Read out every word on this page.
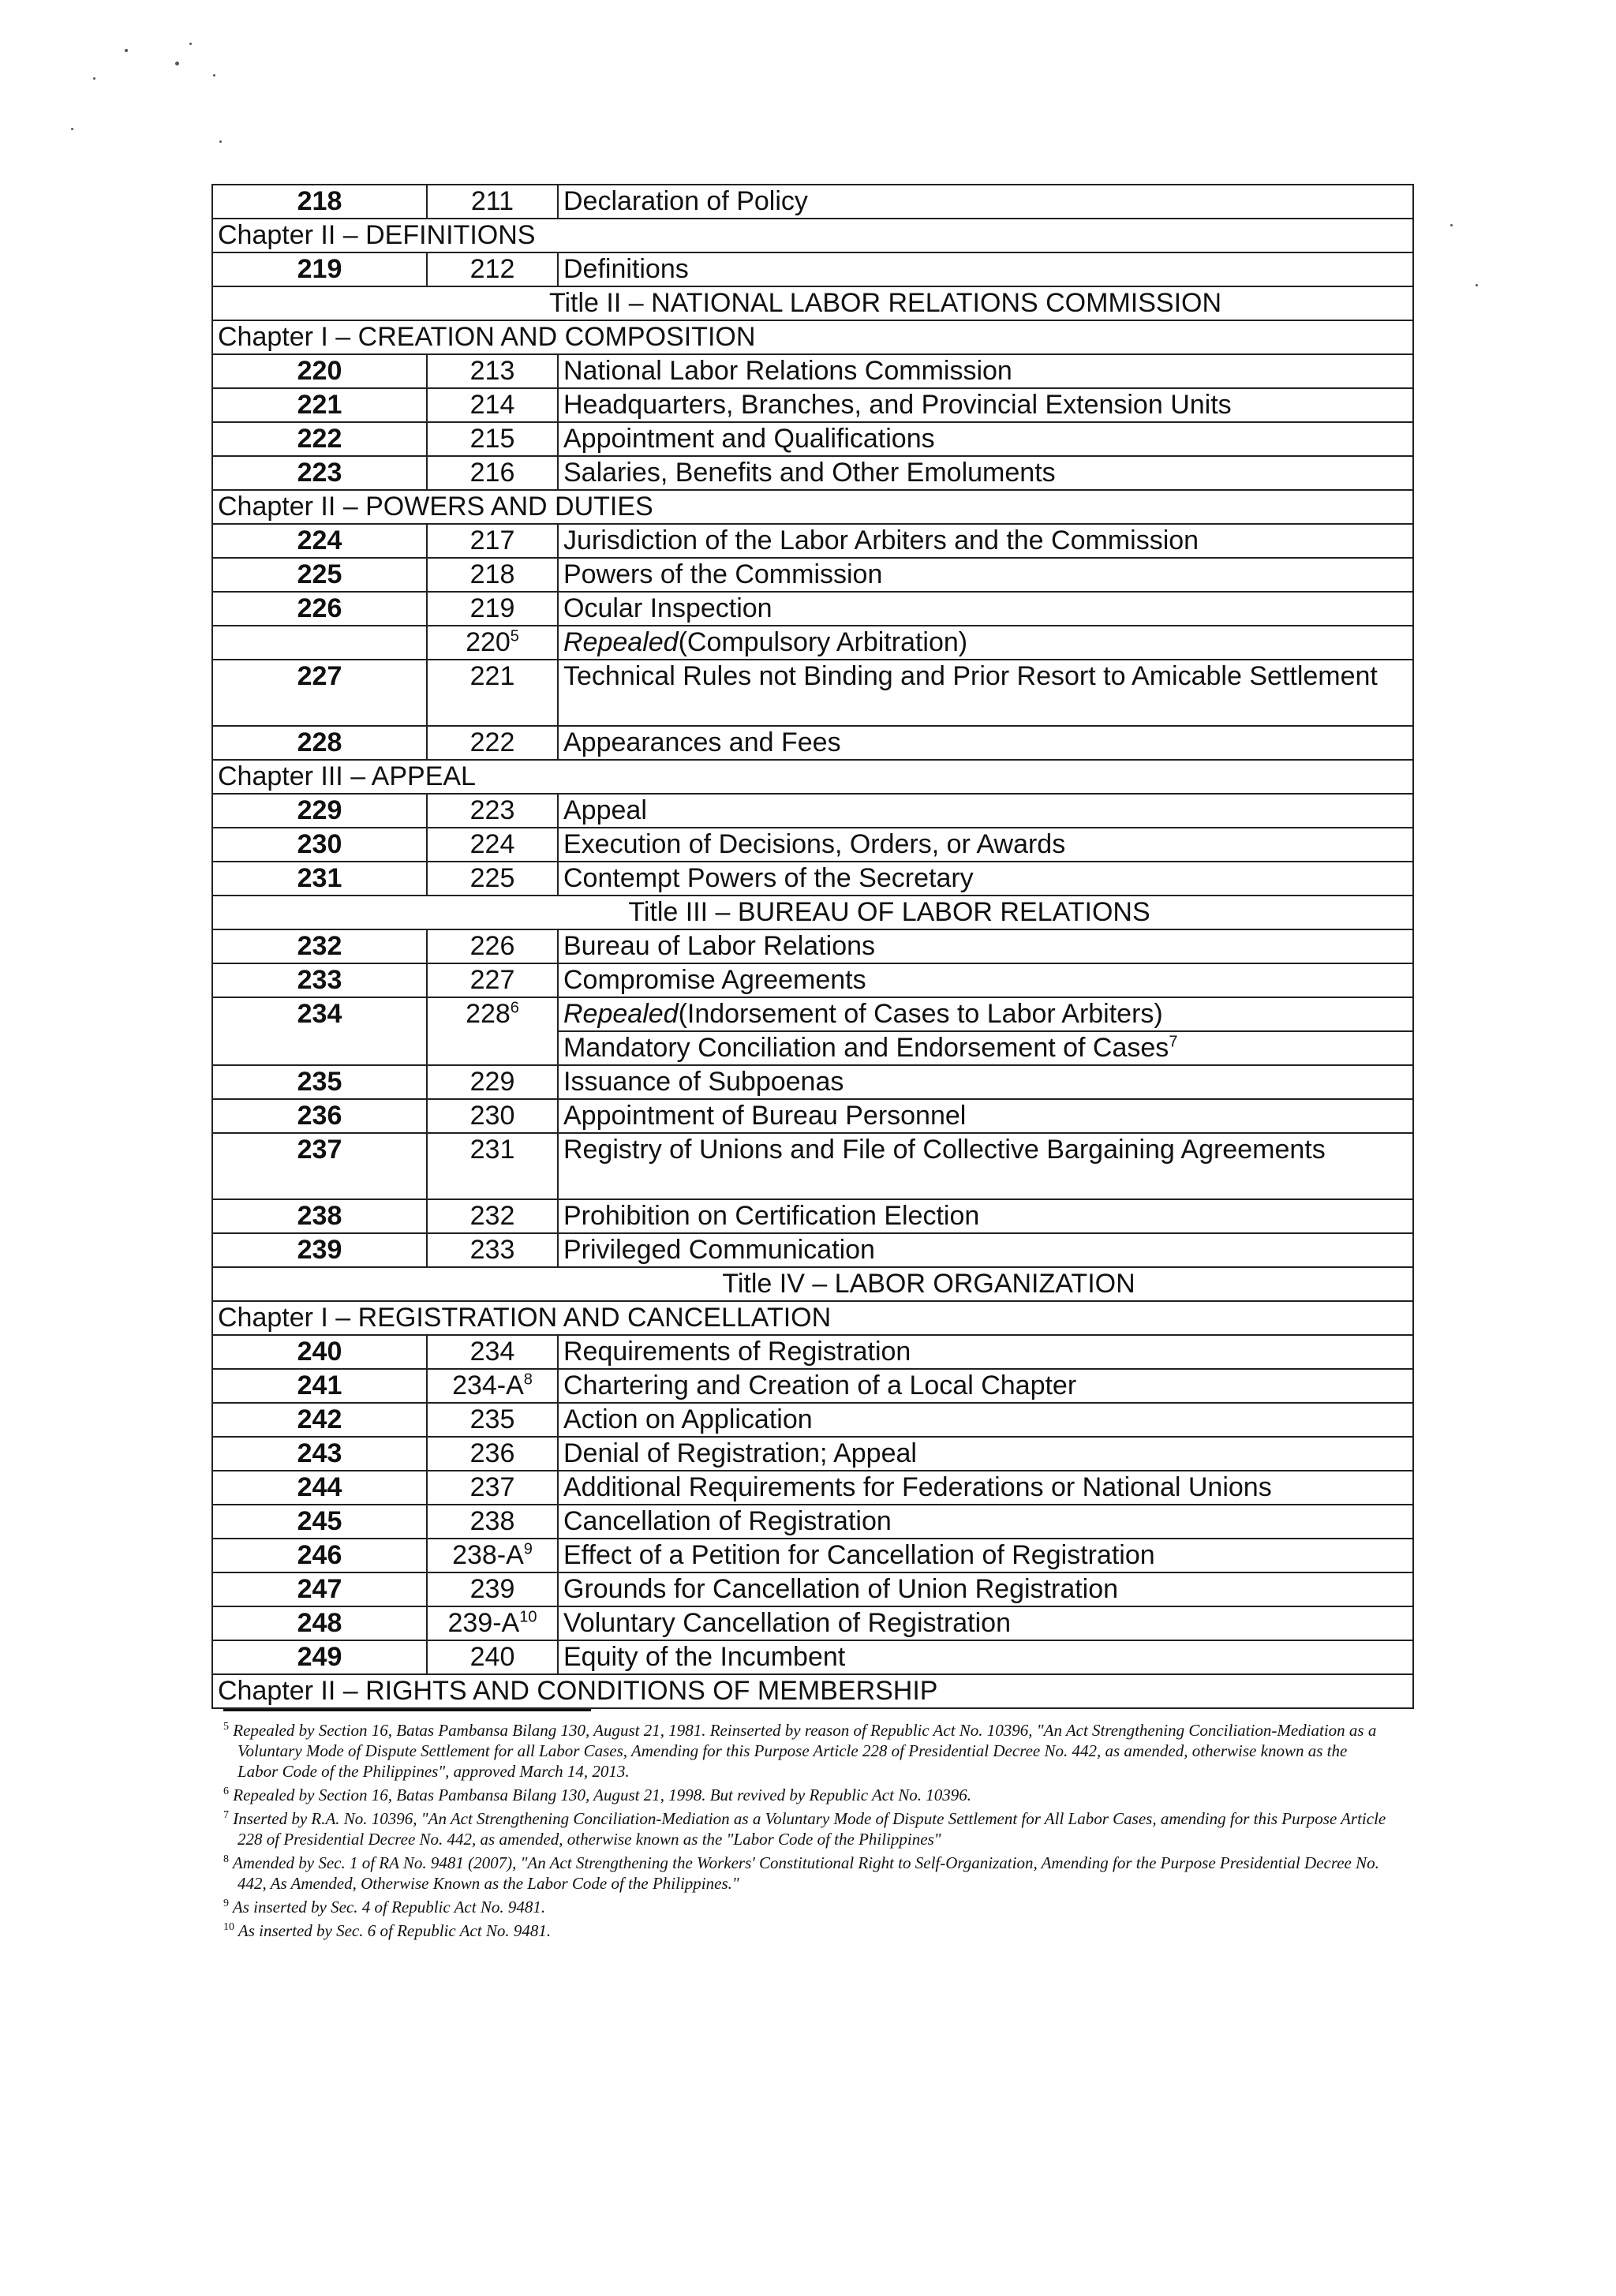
218	211	Declaration of Policy
Chapter II – DEFINITIONS		
219	212	Definitions
Title II – NATIONAL LABOR RELATIONS COMMISSION		
Chapter I – CREATION AND COMPOSITION		
220	213	National Labor Relations Commission
221	214	Headquarters, Branches, and Provincial Extension Units
222	215	Appointment and Qualifications
223	216	Salaries, Benefits and Other Emoluments
Chapter II – POWERS AND DUTIES		
224	217	Jurisdiction of the Labor Arbiters and the Commission
225	218	Powers of the Commission
226	219	Ocular Inspection
	$220^5$	Repealed(Compulsory Arbitration)
227	221	Technical Rules not Binding and Prior Resort to Amicable Settlement
228	222	Appearances and Fees
Chapter III – APPEAL		
229	223	Appeal
230	224	Execution of Decisions, Orders, or Awards
231	225	Contempt Powers of the Secretary
Title III – BUREAU OF LABOR RELATIONS		
232	226	Bureau of Labor Relations
233	227	Compromise Agreements
234	$228^6$	Repealed(Indorsement of Cases to Labor Arbiters)
		Mandatory Conciliation and Endorsement of Cases$^7$
235	229	Issuance of Subpoenas
236	230	Appointment of Bureau Personnel
237	231	Registry of Unions and File of Collective Bargaining Agreements
238	232	Prohibition on Certification Election
239	233	Privileged Communication
Title IV – LABOR ORGANIZATION		
Chapter I – REGISTRATION AND CANCELLATION		
240	234	Requirements of Registration
241	$234-A^8$	Chartering and Creation of a Local Chapter
242	235	Action on Application
243	236	Denial of Registration; Appeal
244	237	Additional Requirements for Federations or National Unions
245	238	Cancellation of Registration
246	$238-A^9$	Effect of a Petition for Cancellation of Registration
247	239	Grounds for Cancellation of Union Registration
248	$239-A^{10}$	Voluntary Cancellation of Registration
249	240	Equity of the Incumbent
Chapter II – RIGHTS AND CONDITIONS OF MEMBERSHIP		
$^5$ Repealed by Section 16, Batas Pambansa Bilang 130, August 21, 1981. Reinserted by reason of Republic Act No. 10396, "An Act Strengthening Conciliation-Mediation as a Voluntary Mode of Dispute Settlement for all Labor Cases, Amending for this Purpose Article 228 of Presidential Decree No. 442, as amended, otherwise known as the Labor Code of the Philippines", approved March 14, 2013.
$^6$ Repealed by Section 16, Batas Pambansa Bilang 130, August 21, 1998. But revived by Republic Act No. 10396.
$^7$ Inserted by R.A. No. 10396, "An Act Strengthening Conciliation-Mediation as a Voluntary Mode of Dispute Settlement for All Labor Cases, amending for this Purpose Article 228 of Presidential Decree No. 442, as amended, otherwise known as the "Labor Code of the Philippines"
$^8$ Amended by Sec. 1 of RA No. 9481 (2007), "An Act Strengthening the Workers' Constitutional Right to Self-Organization, Amending for the Purpose Presidential Decree No. 442, As Amended, Otherwise Known as the Labor Code of the Philippines."
$^9$ As inserted by Sec. 4 of Republic Act No. 9481.
$^{10}$ As inserted by Sec. 6 of Republic Act No. 9481.
